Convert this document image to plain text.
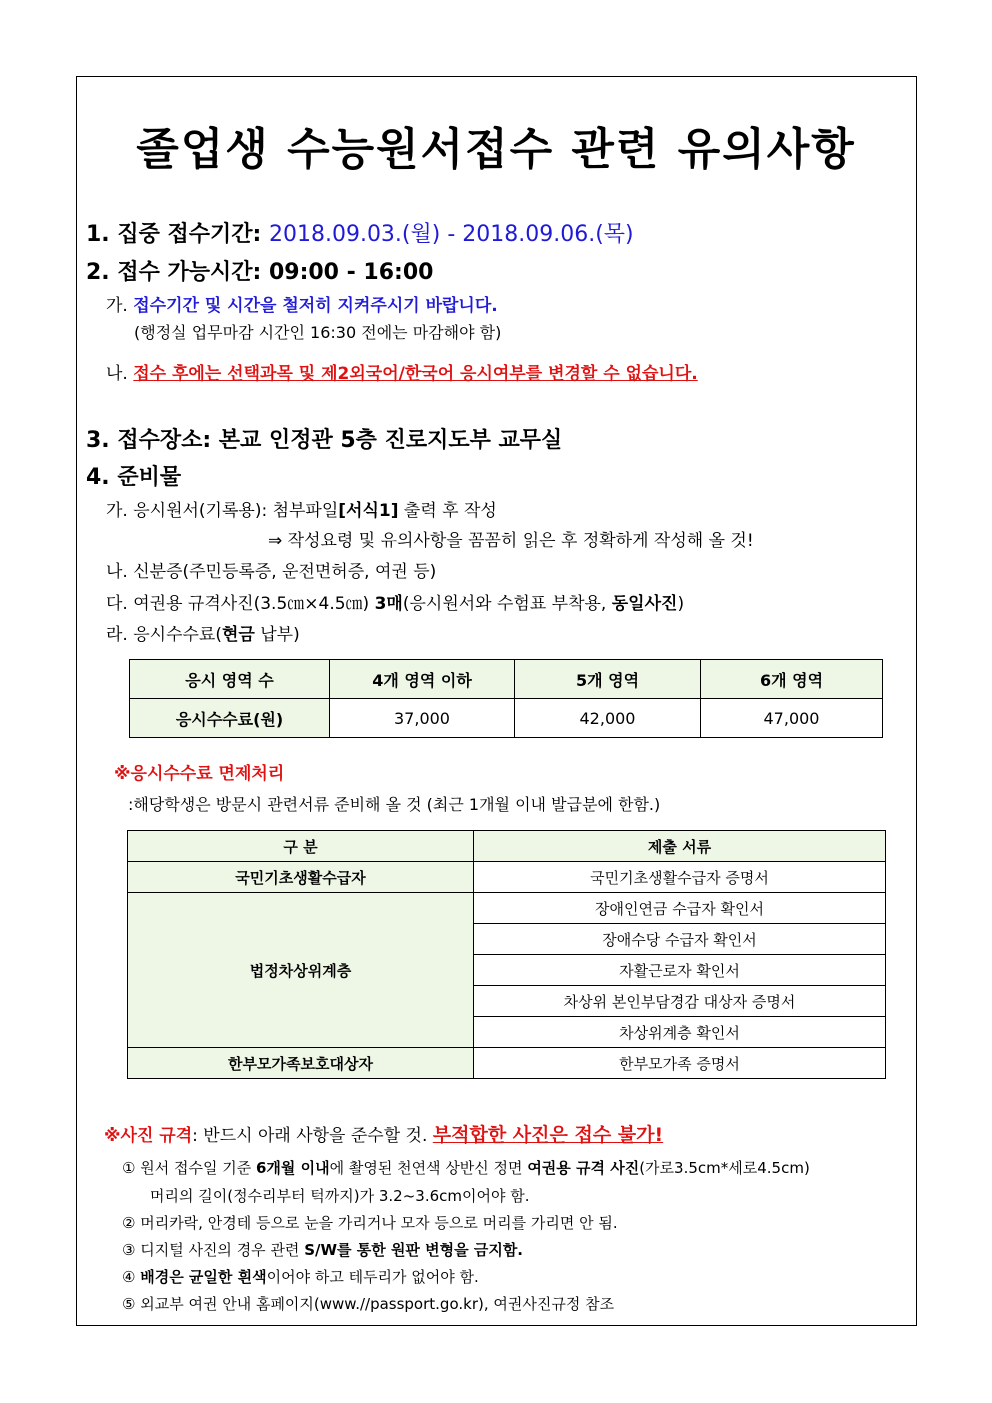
졸업생 수능원서접수 관련 유의사항
1. 집중 접수기간: 2018.09.03.(월) - 2018.09.06.(목)
2. 접수 가능시간: 09:00 - 16:00
가. 접수기간 및 시간을 철저히 지켜주시기 바랍니다.
(행정실 업무마감 시간인 16:30 전에는 마감해야 함)
나. 접수 후에는 선택과목 및 제2외국어/한국어 응시여부를 변경할 수 없습니다.
3. 접수장소: 본교 인정관 5층 진로지도부 교무실
4. 준비물
가. 응시원서(기록용): 첨부파일[서식1] 출력 후 작성
⇒ 작성요령 및 유의사항을 꼼꼼히 읽은 후 정확하게 작성해 올 것!
나. 신분증(주민등록증, 운전면허증, 여권 등)
다. 여권용 규격사진(3.5㎝×4.5㎝) 3매(응시원서와 수험표 부착용, 동일사진)
라. 응시수수료(현금 납부)
응시 영역 수	4개 영역 이하	5개 영역	6개 영역
응시수수료(원)	37,000	42,000	47,000
※응시수수료 면제처리
:해당학생은 방문시 관련서류 준비해 올 것 (최근 1개월 이내 발급분에 한함.)
구 분	제출 서류
국민기초생활수급자	국민기초생활수급자 증명서
법정차상위계층	장애인연금 수급자 확인서
	장애수당 수급자 확인서
	자활근로자 확인서
	차상위 본인부담경감 대상자 증명서
	차상위계층 확인서
한부모가족보호대상자	한부모가족 증명서
※사진 규격: 반드시 아래 사항을 준수할 것. 부적합한 사진은 접수 불가!
① 원서 접수일 기준 6개월 이내에 촬영된 천연색 상반신 정면 여권용 규격 사진(가로3.5cm*세로4.5cm)
머리의 길이(정수리부터 턱까지)가 3.2~3.6cm이어야 함.
② 머리카락, 안경테 등으로 눈을 가리거나 모자 등으로 머리를 가리면 안 됨.
③ 디지털 사진의 경우 관련 S/W를 통한 원판 변형을 금지함.
④ 배경은 균일한 흰색이어야 하고 테두리가 없어야 함.
⑤ 외교부 여권 안내 홈페이지(www.//passport.go.kr), 여권사진규정 참조
